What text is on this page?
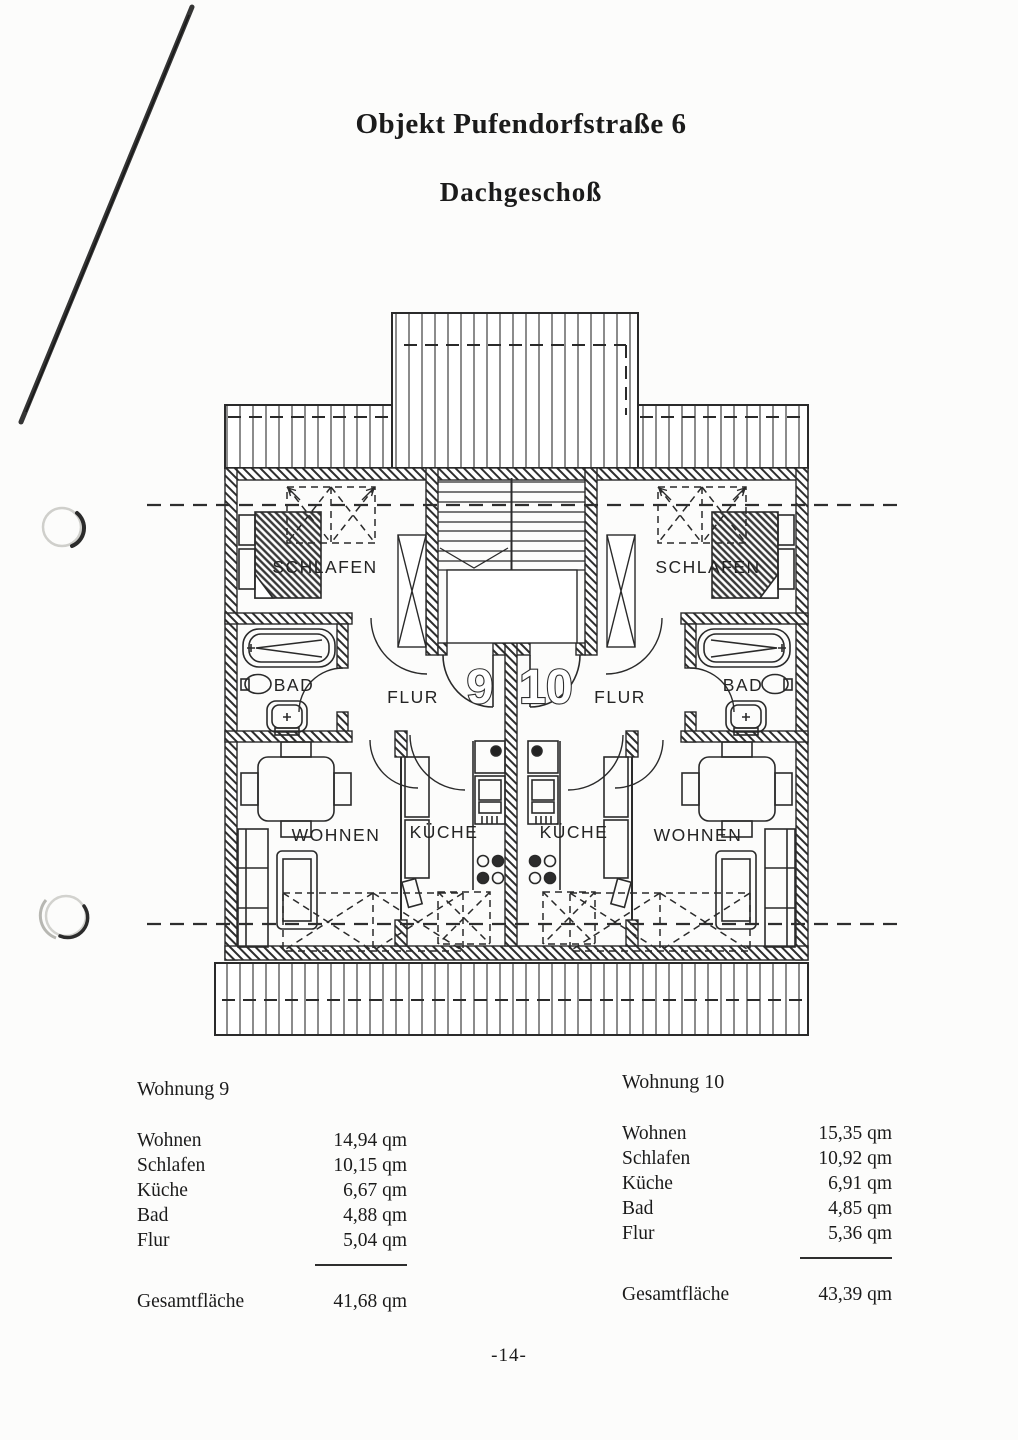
Objekt Pufendorfstraße 6
Dachgeschoß
SCHLAFEN	SCHLAFEN
BAD	BAD
FLUR	FLUR
WOHNEN	WOHNEN
KÜCHE	KÜCHE
9 10
Wohnung 9
Wohnen	14,94 qm
Schlafen	10,15 qm
Küche	6,67 qm
Bad	4,88 qm
Flur	5,04 qm
Gesamtfläche	41,68 qm
Wohnung 10
Wohnen	15,35 qm
Schlafen	10,92 qm
Küche	6,91 qm
Bad	4,85 qm
Flur	5,36 qm
Gesamtfläche	43,39 qm
-14-
